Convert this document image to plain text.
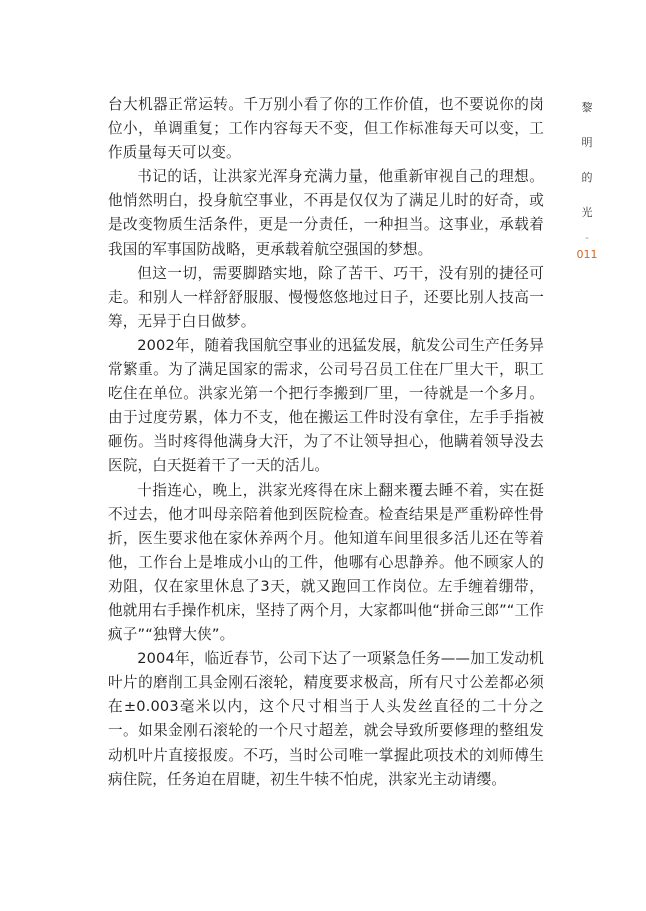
台大机器正常运转。千万别小看了你的工作价值，也不要说你的岗位小，单调重复；工作内容每天不变，但工作标准每天可以变，工作质量每天可以变。

书记的话，让洪家光浑身充满力量，他重新审视自己的理想。他悄然明白，投身航空事业，不再是仅仅为了满足儿时的好奇，或是改变物质生活条件，更是一分责任，一种担当。这事业，承载着我国的军事国防战略，更承载着航空强国的梦想。

但这一切，需要脚踏实地，除了苦干、巧干，没有别的捷径可走。和别人一样舒舒服服、慢慢悠悠地过日子，还要比别人技高一筹，无异于白日做梦。

2002年，随着我国航空事业的迅猛发展，航发公司生产任务异常繁重。为了满足国家的需求，公司号召员工住在厂里大干，职工吃住在单位。洪家光第一个把行李搬到厂里，一待就是一个多月。由于过度劳累，体力不支，他在搬运工件时没有拿住，左手手指被砸伤。当时疼得他满身大汗，为了不让领导担心，他瞒着领导没去医院，白天挺着干了一天的活儿。

十指连心，晚上，洪家光疼得在床上翻来覆去睡不着，实在挺不过去，他才叫母亲陪着他到医院检查。检查结果是严重粉碎性骨折，医生要求他在家休养两个月。他知道车间里很多活儿还在等着他，工作台上是堆成小山的工件，他哪有心思静养。他不顾家人的劝阻，仅在家里休息了3天，就又跑回工作岗位。左手缠着绷带，他就用右手操作机床，坚持了两个月，大家都叫他“拼命三郎”“工作疯子”“独臂大侠”。

2004年，临近春节，公司下达了一项紧急任务——加工发动机叶片的磨削工具金刚石滚轮，精度要求极高，所有尺寸公差都必须在±0.003毫米以内，这个尺寸相当于人头发丝直径的二十分之一。如果金刚石滚轮的一个尺寸超差，就会导致所要修理的整组发动机叶片直接报废。不巧，当时公司唯一掌握此项技术的刘师傅生病住院，任务迫在眉睫，初生牛犊不怕虎，洪家光主动请缨。

黎
明
的
光
-
011
